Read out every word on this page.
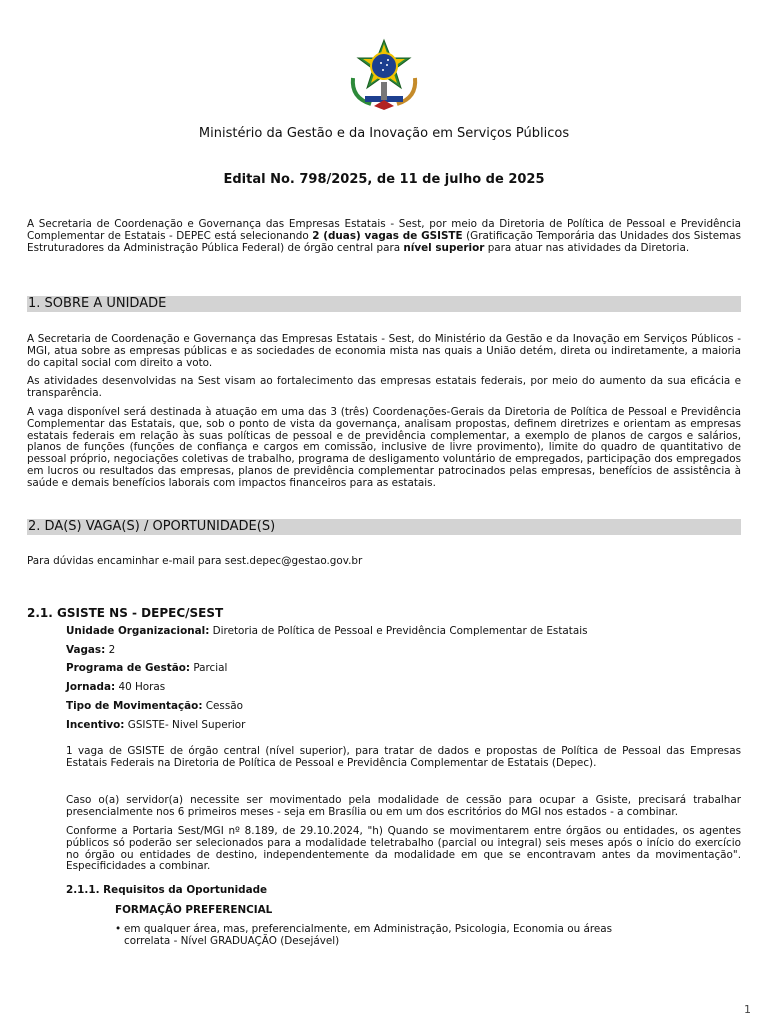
Ministério da Gestão e da Inovação em Serviços Públicos
Edital No. 798/2025, de 11 de julho de 2025

A Secretaria de Coordenação e Governança das Empresas Estatais - Sest, por meio da Diretoria de Política de Pessoal e Previdência Complementar de Estatais - DEPEC está selecionando 2 (duas) vagas de GSISTE (Gratificação Temporária das Unidades dos Sistemas Estruturadores da Administração Pública Federal) de órgão central para nível superior para atuar nas atividades da Diretoria.

1. SOBRE A UNIDADE

A Secretaria de Coordenação e Governança das Empresas Estatais - Sest, do Ministério da Gestão e da Inovação em Serviços Públicos - MGI, atua sobre as empresas públicas e as sociedades de economia mista nas quais a União detém, direta ou indiretamente, a maioria do capital social com direito a voto.

As atividades desenvolvidas na Sest visam ao fortalecimento das empresas estatais federais, por meio do aumento da sua eficácia e transparência.

A vaga disponível será destinada à atuação em uma das 3 (três) Coordenações-Gerais da Diretoria de Política de Pessoal e Previdência Complementar das Estatais, que, sob o ponto de vista da governança, analisam propostas, definem diretrizes e orientam as empresas estatais federais em relação às suas políticas de pessoal e de previdência complementar, a exemplo de planos de cargos e salários, planos de funções (funções de confiança e cargos em comissão, inclusive de livre provimento), limite do quadro de quantitativo de pessoal próprio, negociações coletivas de trabalho, programa de desligamento voluntário de empregados, participação dos empregados em lucros ou resultados das empresas, planos de previdência complementar patrocinados pelas empresas, benefícios de assistência à saúde e demais benefícios laborais com impactos financeiros para as estatais.

2. DA(S) VAGA(S) / OPORTUNIDADE(S)

Para dúvidas encaminhar e-mail para sest.depec@gestao.gov.br

2.1. GSISTE NS - DEPEC/SEST
Unidade Organizacional: Diretoria de Política de Pessoal e Previdência Complementar de Estatais
Vagas: 2
Programa de Gestão: Parcial
Jornada: 40 Horas
Tipo de Movimentação: Cessão
Incentivo: GSISTE- Nivel Superior

1 vaga de GSISTE de órgão central (nível superior), para tratar de dados e propostas de Política de Pessoal das Empresas Estatais Federais na Diretoria de Política de Pessoal e Previdência Complementar de Estatais (Depec).

Caso o(a) servidor(a) necessite ser movimentado pela modalidade de cessão para ocupar a Gsiste, precisará trabalhar presencialmente nos 6 primeiros meses - seja em Brasília ou em um dos escritórios do MGI nos estados - a combinar.

Conforme a Portaria Sest/MGI nº 8.189, de 29.10.2024, "h) Quando se movimentarem entre órgãos ou entidades, os agentes públicos só poderão ser selecionados para a modalidade teletrabalho (parcial ou integral) seis meses após o início do exercício no órgão ou entidades de destino, independentemente da modalidade em que se encontravam antes da movimentação". Especificidades a combinar.

2.1.1. Requisitos da Oportunidade
FORMAÇÃO PREFERENCIAL
• em qualquer área, mas, preferencialmente, em Administração, Psicologia, Economia ou áreas
correlata - Nível GRADUAÇÃO (Desejável)
1
